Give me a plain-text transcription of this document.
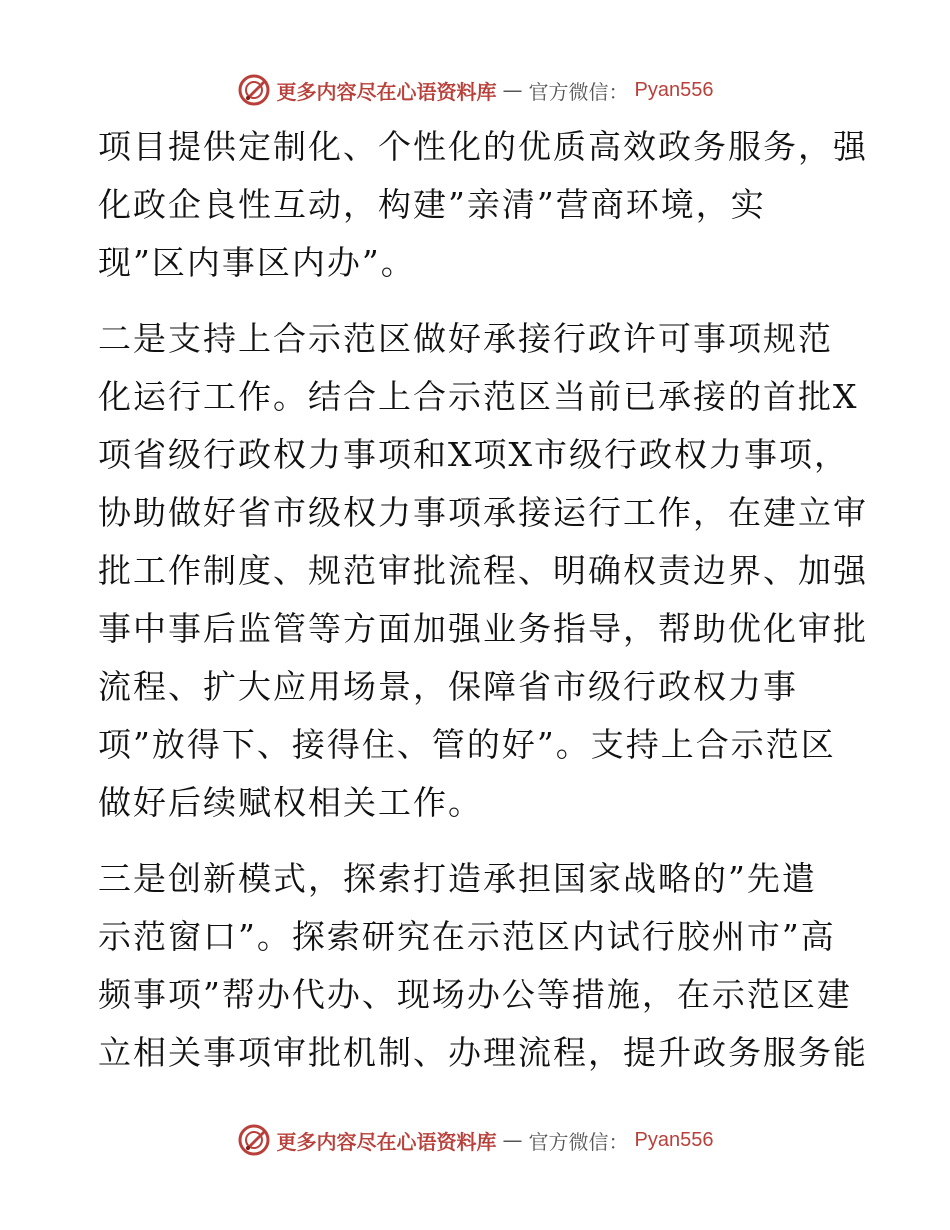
更多内容尽在心语资料库 — 官方微信： Pyan556
项目提供定制化、个性化的优质高效政务服务，强
化政企良性互动，构建”亲清”营商环境，实
现”区内事区内办”。
二是支持上合示范区做好承接行政许可事项规范
化运行工作。结合上合示范区当前已承接的首批X
项省级行政权力事项和X项X市级行政权力事项，
协助做好省市级权力事项承接运行工作，在建立审
批工作制度、规范审批流程、明确权责边界、加强
事中事后监管等方面加强业务指导，帮助优化审批
流程、扩大应用场景，保障省市级行政权力事
项”放得下、接得住、管的好”。支持上合示范区
做好后续赋权相关工作。
三是创新模式，探索打造承担国家战略的”先遣
示范窗口”。探索研究在示范区内试行胶州市”高
频事项”帮办代办、现场办公等措施，在示范区建
立相关事项审批机制、办理流程，提升政务服务能
更多内容尽在心语资料库 — 官方微信： Pyan556
